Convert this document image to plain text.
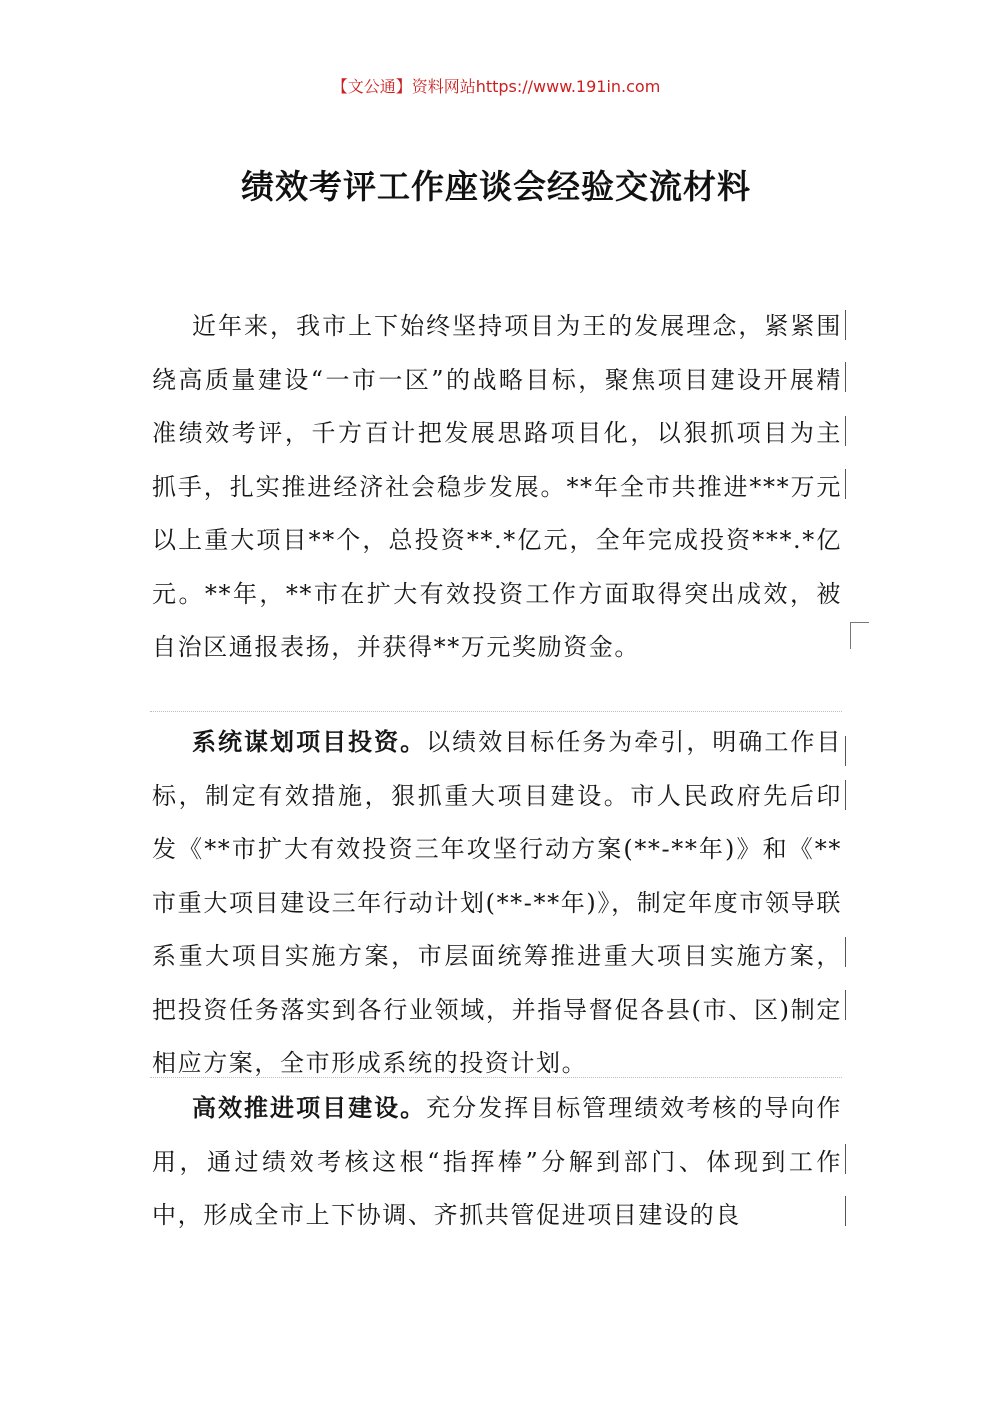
【文公通】资料网站https://www.191in.com
绩效考评工作座谈会经验交流材料

近年来，我市上下始终坚持项目为王的发展理念，紧紧围绕高质量建设“一市一区”的战略目标，聚焦项目建设开展精准绩效考评，千方百计把发展思路项目化，以狠抓项目为主抓手，扎实推进经济社会稳步发展。**年全市共推进***万元以上重大项目**个，总投资**.*亿元，全年完成投资***.*亿元。**年，**市在扩大有效投资工作方面取得突出成效，被自治区通报表扬，并获得**万元奖励资金。

系统谋划项目投资。以绩效目标任务为牵引，明确工作目标，制定有效措施，狠抓重大项目建设。市人民政府先后印发《**市扩大有效投资三年攻坚行动方案(**-**年)》和《**市重大项目建设三年行动计划(**-**年)》，制定年度市领导联系重大项目实施方案，市层面统筹推进重大项目实施方案，把投资任务落实到各行业领域，并指导督促各县(市、区)制定相应方案，全市形成系统的投资计划。

高效推进项目建设。充分发挥目标管理绩效考核的导向作用，通过绩效考核这根“指挥棒”分解到部门、体现到工作中，形成全市上下协调、齐抓共管促进项目建设的良
